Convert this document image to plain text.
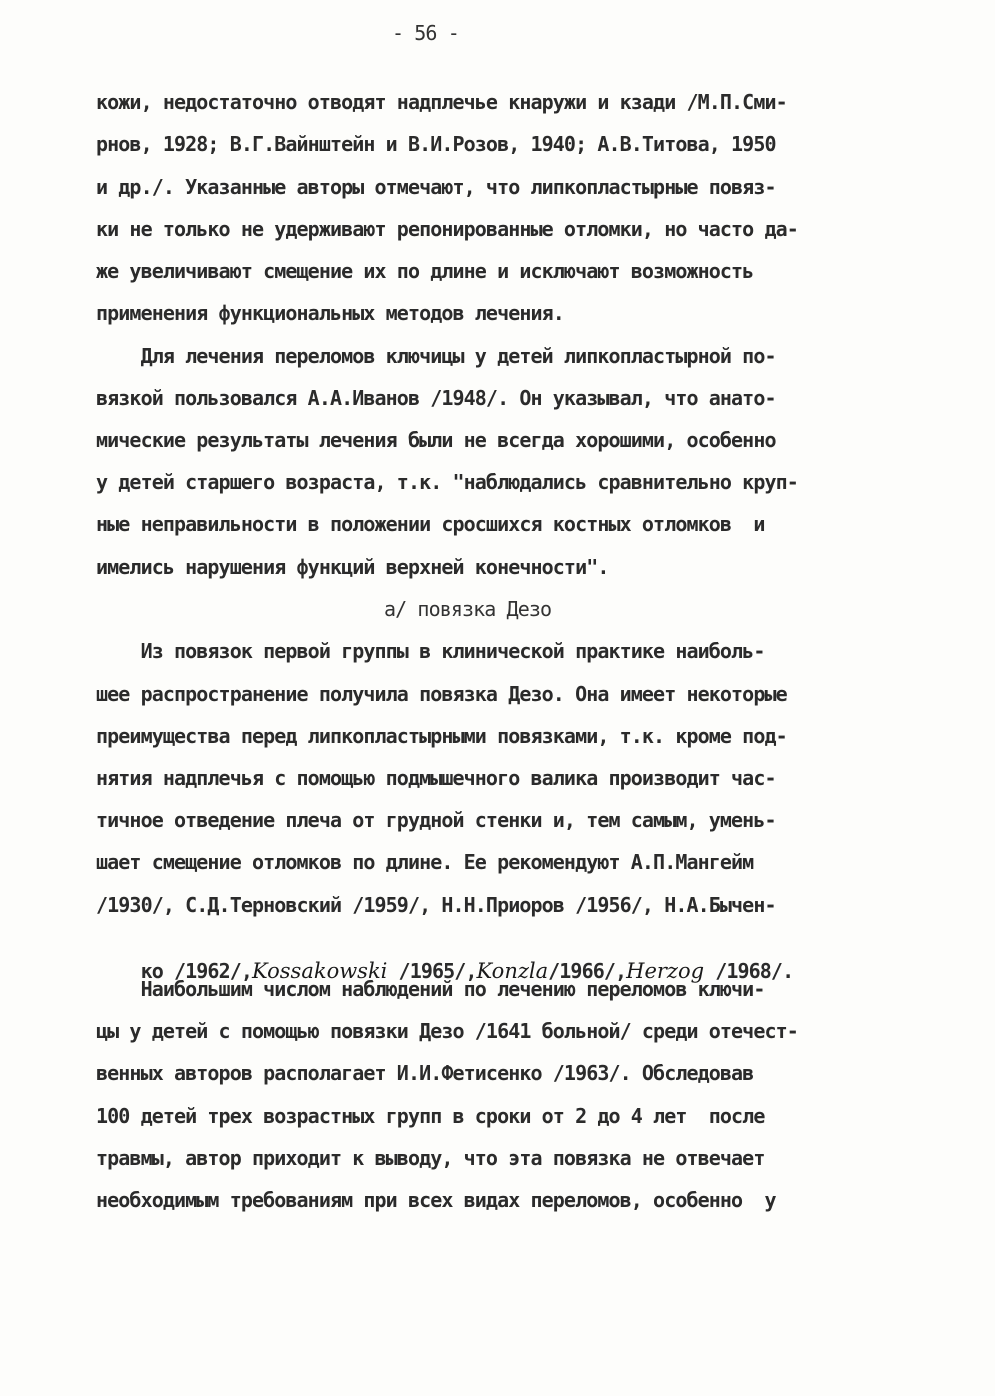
- 56 -
кожи, недостаточно отводят надплечье кнаружи и кзади /М.П.Сми-
рнов, 1928; В.Г.Вайнштейн и В.И.Розов, 1940; А.В.Титова, 1950
и др./. Указанные авторы отмечают, что липкопластырные повяз-
ки не только не удерживают репонированные отломки, но часто да-
же увеличивают смещение их по длине и исключают возможность
применения функциональных методов лечения.
Для лечения переломов ключицы у детей липкопластырной по-
вязкой пользовался А.А.Иванов /1948/. Он указывал, что анато-
мические результаты лечения были не всегда хорошими, особенно
у детей старшего возраста, т.к. "наблюдались сравнительно круп-
ные неправильности в положении сросшихся костных отломков  и
имелись нарушения функций верхней конечности".
a/ повязка Дезо
Из повязок первой группы в клинической практике наиболь-
шее распространение получила повязка Дезо. Она имеет некоторые
преимущества перед липкопластырными повязками, т.к. кроме под-
нятия надплечья с помощью подмышечного валика производит час-
тичное отведение плеча от грудной стенки и, тем самым, умень-
шает смещение отломков по длине. Ее рекомендуют А.П.Мангейм
/1930/, С.Д.Терновский /1959/, Н.Н.Приоров /1956/, Н.А.Бычен-

ко /1962/,Kossakowski /1965/,Konzla/1966/,Herzog /1968/.

Наибольшим числом наблюдений по лечению переломов ключи-
цы у детей с помощью повязки Дезо /1641 больной/ среди отечест-
венных авторов располагает И.И.Фетисенко /1963/. Обследовав
100 детей трех возрастных групп в сроки от 2 до 4 лет  после
травмы, автор приходит к выводу, что эта повязка не отвечает
необходимым требованиям при всех видах переломов, особенно  у
